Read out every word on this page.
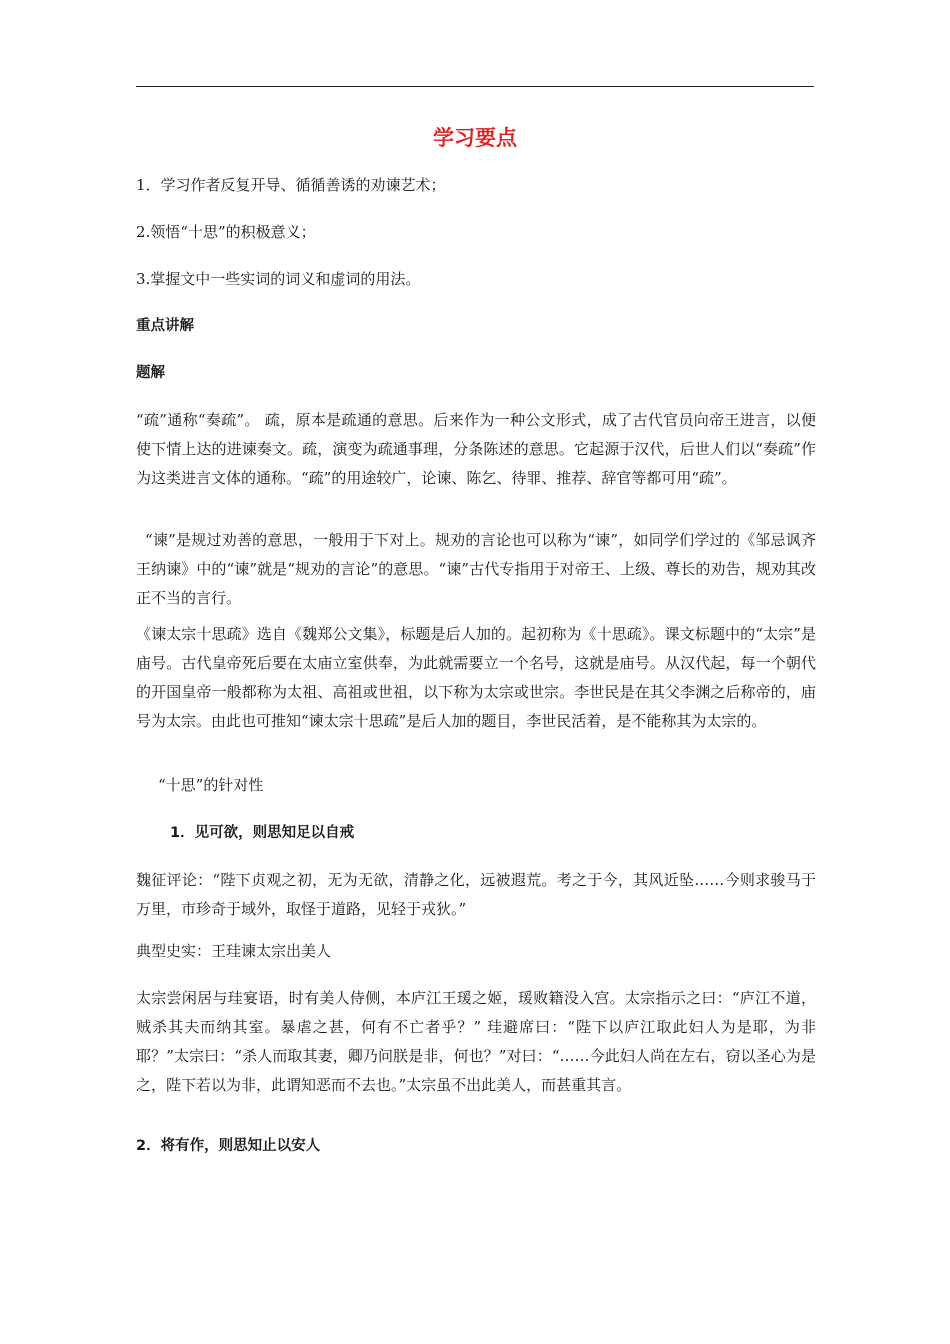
学习要点
1．学习作者反复开导、循循善诱的劝谏艺术；
2.领悟“十思”的积极意义；
3.掌握文中一些实词的词义和虚词的用法。
重点讲解
题解
“疏”通称“奏疏”。 疏，原本是疏通的意思。后来作为一种公文形式，成了古代官员向帝王进言，以便使下情上达的进谏奏文。疏，演变为疏通事理，分条陈述的意思。它起源于汉代，后世人们以“奏疏”作为这类进言文体的通称。“疏”的用途较广，论谏、陈乞、待罪、推荐、辞官等都可用“疏”。
“谏”是规过劝善的意思，一般用于下对上。规劝的言论也可以称为“谏”，如同学们学过的《邹忌讽齐王纳谏》中的“谏”就是“规劝的言论”的意思。“谏”古代专指用于对帝王、上级、尊长的劝告，规劝其改正不当的言行。
《谏太宗十思疏》选自《魏郑公文集》，标题是后人加的。起初称为《十思疏》。课文标题中的“太宗”是庙号。古代皇帝死后要在太庙立室供奉，为此就需要立一个名号，这就是庙号。从汉代起，每一个朝代的开国皇帝一般都称为太祖、高祖或世祖，以下称为太宗或世宗。李世民是在其父李渊之后称帝的，庙号为太宗。由此也可推知“谏太宗十思疏”是后人加的题目，李世民活着，是不能称其为太宗的。
“十思”的针对性
1．见可欲，则思知足以自戒
魏征评论：“陛下贞观之初，无为无欲，清静之化，远被遐荒。考之于今，其风近坠……今则求骏马于万里，市珍奇于域外，取怪于道路，见轻于戎狄。”
典型史实：王珪谏太宗出美人
太宗尝闲居与珪宴语，时有美人侍侧，本庐江王瑗之姬，瑗败籍没入宫。太宗指示之曰：“庐江不道，贼杀其夫而纳其室。暴虐之甚，何有不亡者乎？” 珪避席曰：“陛下以庐江取此妇人为是耶，为非耶？”太宗曰：“杀人而取其妻，卿乃问朕是非，何也？”对曰：“……今此妇人尚在左右，窃以圣心为是之，陛下若以为非，此谓知恶而不去也。”太宗虽不出此美人，而甚重其言。
2．将有作，则思知止以安人
